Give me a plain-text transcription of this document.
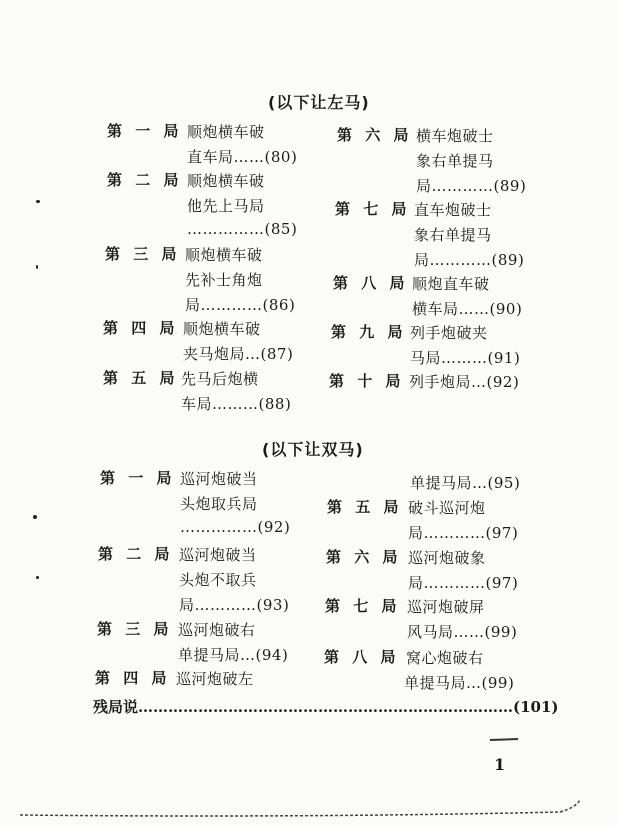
(以下让左马)
第 一 局 顺炮横车破
直车局……(80)
第 二 局 顺炮横车破
他先上马局
……………(85)
第 三 局 顺炮横车破
先补士角炮
局…………(86)
第 四 局 顺炮横车破
夹马炮局…(87)
第 五 局 先马后炮横
车局………(88)
第 六 局 横车炮破士
象右单提马
局…………(89)
第 七 局 直车炮破士
象右单提马
局…………(89)
第 八 局 顺炮直车破
横车局……(90)
第 九 局 列手炮破夹
马局………(91)
第 十 局 列手炮局…(92)
(以下让双马)
第 一 局 巡河炮破当
头炮取兵局
……………(92)
第 二 局 巡河炮破当
头炮不取兵
局…………(93)
第 三 局 巡河炮破右
单提马局…(94)
第 四 局 巡河炮破左
单提马局…(95)
第 五 局 破斗巡河炮
局…………(97)
第 六 局 巡河炮破象
局…………(97)
第 七 局 巡河炮破屏
风马局……(99)
第 八 局 窝心炮破右
单提马局…(99)
残局说…………………………………………………………………(101)
1
